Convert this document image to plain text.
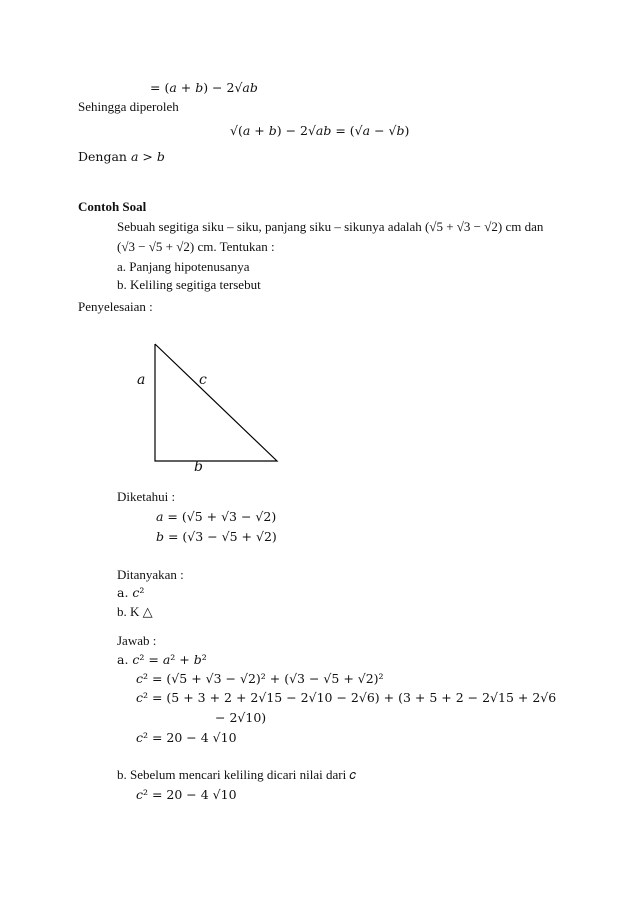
= (𝑎 + 𝑏) − 2√𝑎𝑏
Sehingga diperoleh
√(𝑎 + 𝑏) − 2√𝑎𝑏 = (√𝑎 − √𝑏)
Dengan 𝑎 > 𝑏
Contoh Soal
Sebuah segitiga siku – siku, panjang siku – sikunya adalah (√5 + √3 − √2) cm dan
(√3 − √5 + √2) cm. Tentukan :
a. Panjang hipotenusanya
b. Keliling segitiga tersebut
Penyelesaian :
𝑎	𝑐
𝑏
Diketahui :
𝑎 = (√5 + √3 − √2)
𝑏 = (√3 − √5 + √2)
Ditanyakan :
a. 𝑐²
b. K △
Jawab :
a. 𝑐² = 𝑎² + 𝑏²
𝑐² = (√5 + √3 − √2)² + (√3 − √5 + √2)²
𝑐² = (5 + 3 + 2 + 2√15 − 2√10 − 2√6) + (3 + 5 + 2 − 2√15 + 2√6
− 2√10)
𝑐² = 20 − 4 √10
b. Sebelum mencari keliling dicari nilai dari 𝑐
𝑐² = 20 − 4 √10
